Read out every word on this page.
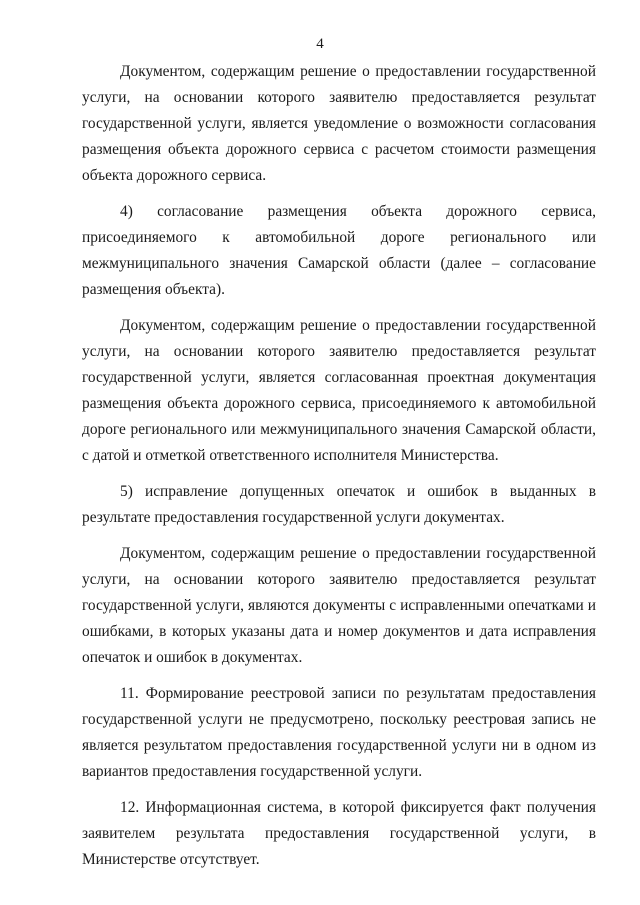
4

Документом, содержащим решение о предоставлении государственной услуги, на основании которого заявителю предоставляется результат государственной услуги, является уведомление о возможности согласования размещения объекта дорожного сервиса с расчетом стоимости размещения объекта дорожного сервиса.

4) согласование размещения объекта дорожного сервиса, присоединяемого к автомобильной дороге регионального или межмуниципального значения Самарской области (далее – согласование размещения объекта).

Документом, содержащим решение о предоставлении государственной услуги, на основании которого заявителю предоставляется результат государственной услуги, является согласованная проектная документация размещения объекта дорожного сервиса, присоединяемого к автомобильной дороге регионального или межмуниципального значения Самарской области, с датой и отметкой ответственного исполнителя Министерства.

5) исправление допущенных опечаток и ошибок в выданных в результате предоставления государственной услуги документах.

Документом, содержащим решение о предоставлении государственной услуги, на основании которого заявителю предоставляется результат государственной услуги, являются документы с исправленными опечатками и ошибками, в которых указаны дата и номер документов и дата исправления опечаток и ошибок в документах.

11. Формирование реестровой записи по результатам предоставления государственной услуги не предусмотрено, поскольку реестровая запись не является результатом предоставления государственной услуги ни в одном из вариантов предоставления государственной услуги.

12. Информационная система, в которой фиксируется факт получения заявителем результата предоставления государственной услуги, в Министерстве отсутствует.
